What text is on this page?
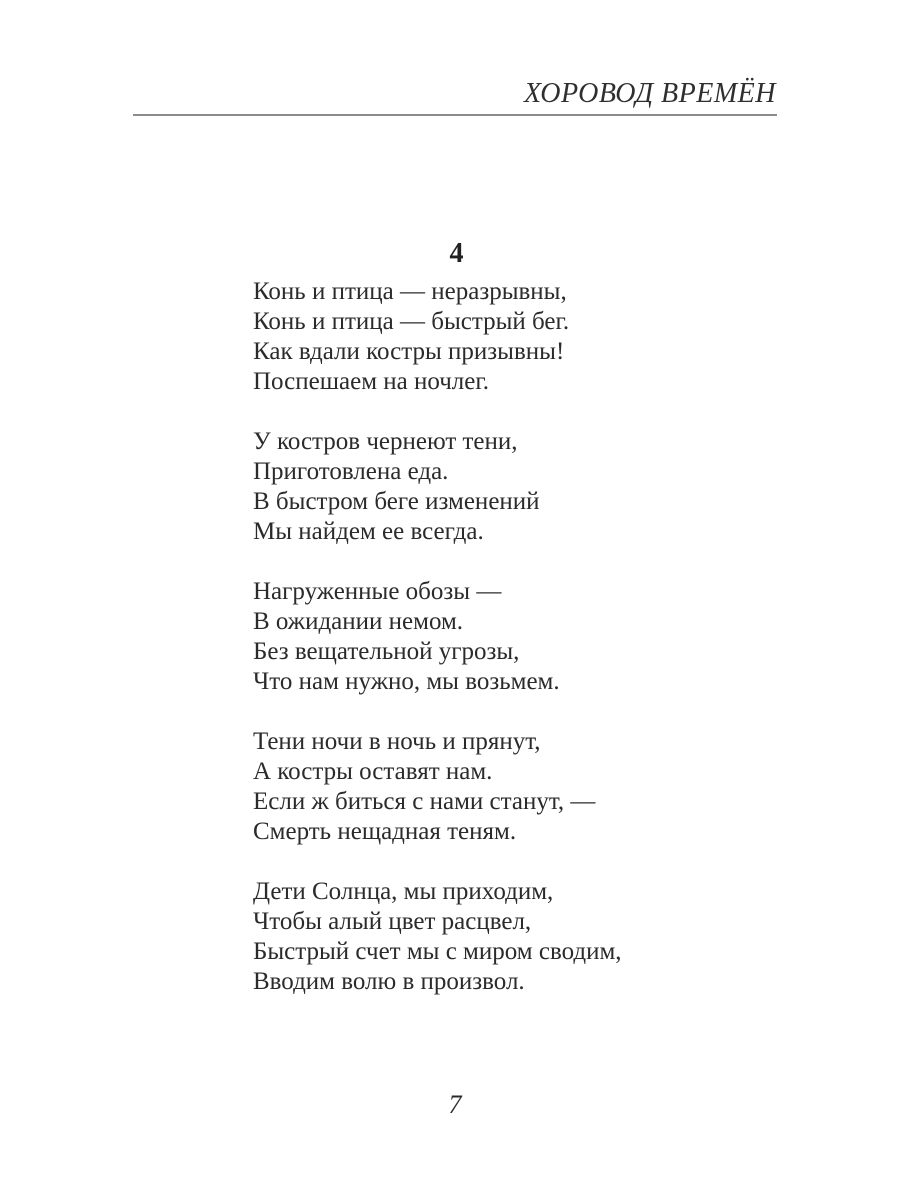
ХОРОВОД ВРЕМЁН
4
Конь и птица — неразрывны,
Конь и птица — быстрый бег.
Как вдали костры призывны!
Поспешаем на ночлег.
У костров чернеют тени,
Приготовлена еда.
В быстром беге изменений
Мы найдем ее всегда.
Нагруженные обозы —
В ожидании немом.
Без вещательной угрозы,
Что нам нужно, мы возьмем.
Тени ночи в ночь и прянут,
А костры оставят нам.
Если ж биться с нами станут, —
Смерть нещадная теням.
Дети Солнца, мы приходим,
Чтобы алый цвет расцвел,
Быстрый счет мы с миром сводим,
Вводим волю в произвол.
7
